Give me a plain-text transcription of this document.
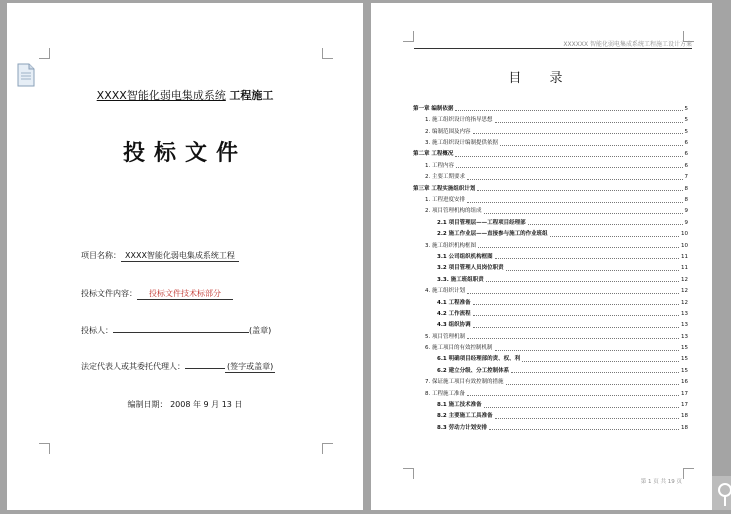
XXXX智能化弱电集成系统 工程施工
投标文件
项目名称： XXXX智能化弱电集成系统工程
投标文件内容： 投标文件技术标部分
投标人：	(盖章)
法定代表人或其委托代理人：	(签字或盖章)
编制日期： 2008 年 9 月 13 日
XXXXXX 智能化弱电集成系统工程施工设计方案
目 录
第一章 编制依据	5
1. 施工组织设计的指导思想	5
2. 编制范围及内容	5
3. 施工组织设计编制提供依据	6
第二章 工程概况	6
1. 工程内容	6
2. 主要工期要求	7
第三章 工程实施组织计划	8
1. 工程进度安排	8
2. 项目管理机构的组成	9
2.1 项目管理层——工程项目经理部	9
2.2 施工作业层——直接参与施工的作业班组	10
3. 施工组织机构框图	10
3.1 公司组织机构框图	11
3.2 项目管理人员岗位职责	11
3.3. 施工班组职责	12
4. 施工组织计划	12
4.1 工程准备	12
4.2 工作流程	13
4.3 组织协调	13
5. 项目管理机制	13
6. 施工项目的有效控制机制	15
6.1 明确项目经理部的责、权、利	15
6.2 建立分级、分工控制体系	15
7. 保证施工项目有效控制的措施	16
8. 工程施工准备	17
8.1 施工技术准备	17
8.2 主要施工工具准备	18
8.3 劳动力计划安排	18
第 1 页 共 19 页
